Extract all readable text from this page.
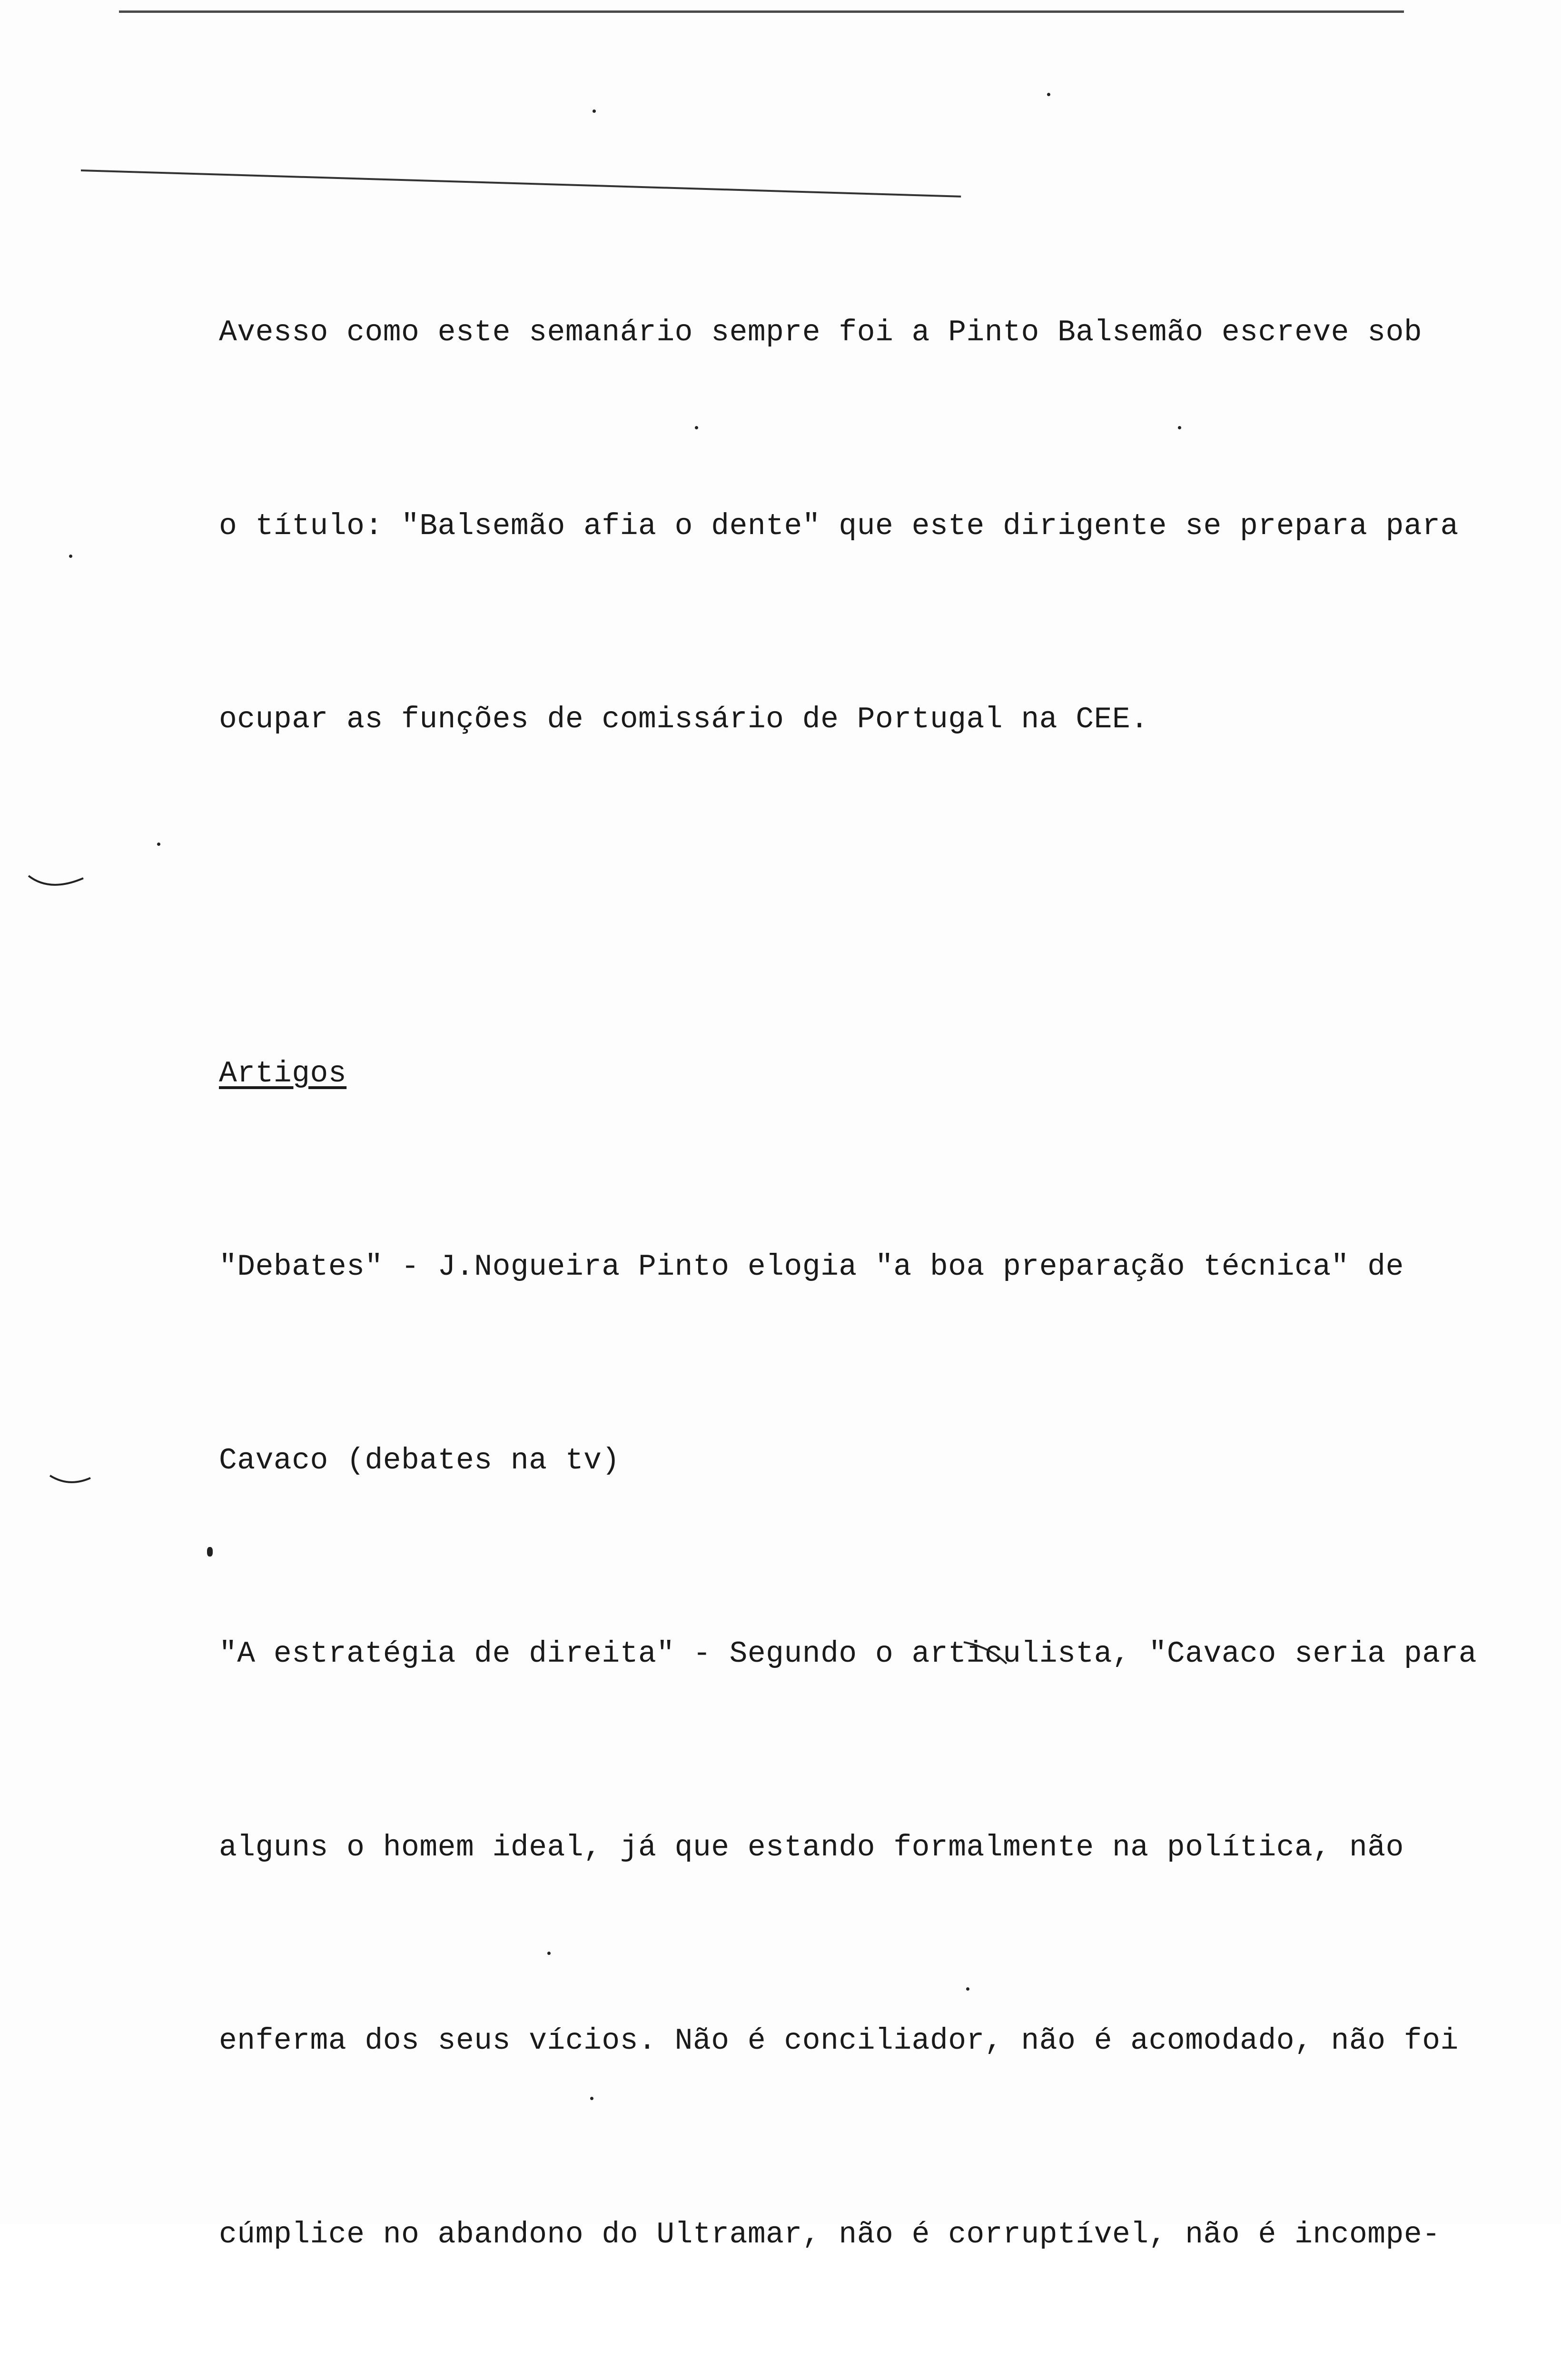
Avesso como este semanário sempre foi a Pinto Balsemão escreve sob

o título: "Balsemão afia o dente" que este dirigente se prepara para

ocupar as funções de comissário de Portugal na CEE.

Artigos

"Debates" - J.Nogueira Pinto elogia "a boa preparação técnica" de

Cavaco (debates na tv)

"A estratégia de direita" - Segundo o articulista, "Cavaco seria para

alguns o homem ideal, já que estando formalmente na política, não

enferma dos seus vícios. Não é conciliador, não é acomodado, não foi

cúmplice no abandono do Ultramar, não é corruptível, não é incompe-
